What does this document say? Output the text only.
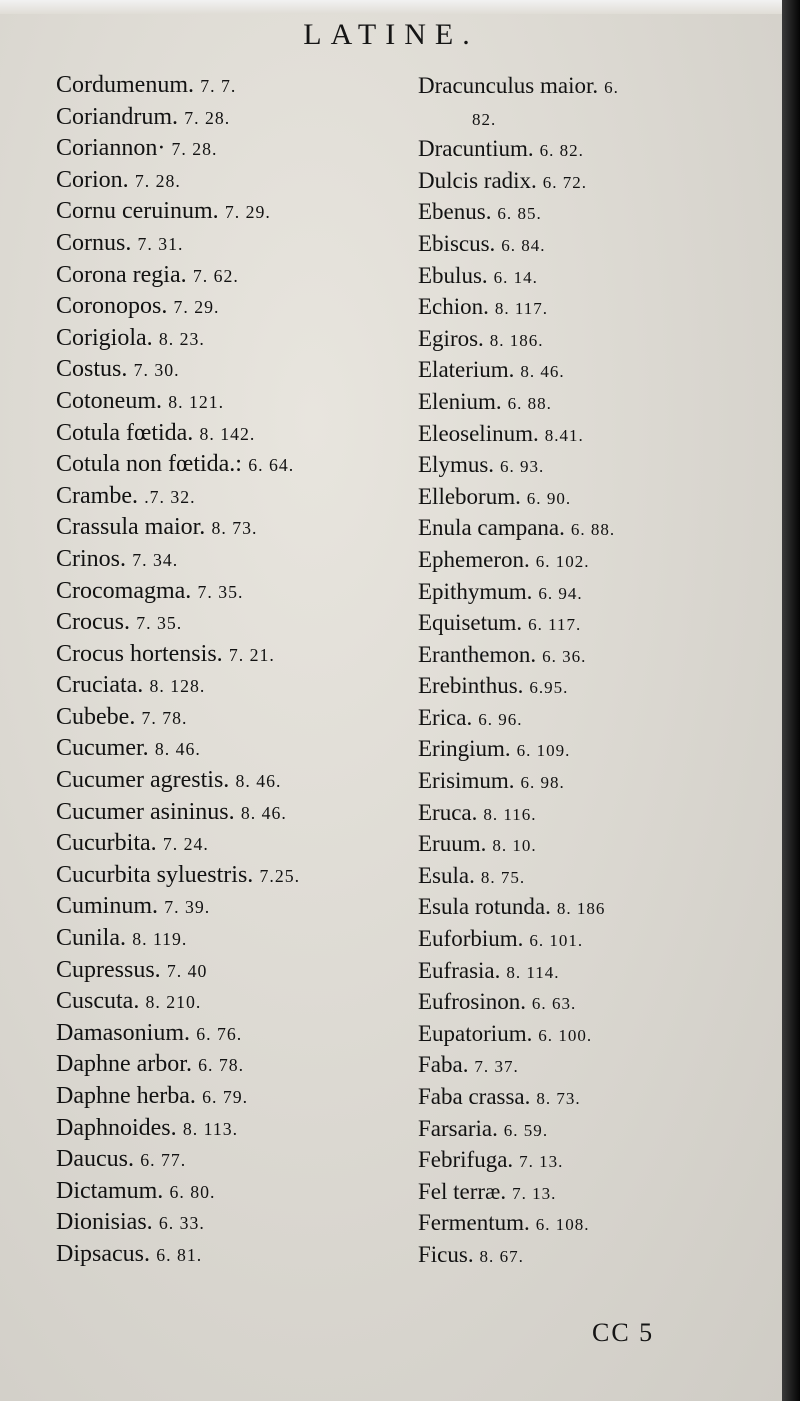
LATINE.
Cordumenum. 7. 7.
Coriandrum. 7. 28.
Coriannon· 7. 28.
Corion. 7. 28.
Cornu ceruinum. 7. 29.
Cornus. 7. 31.
Corona regia. 7. 62.
Coronopos. 7. 29.
Corigiola. 8. 23.
Costus. 7. 30.
Cotoneum. 8. 121.
Cotula fœtida. 8. 142.
Cotula non fœtida.: 6. 64.
Crambe. .7. 32.
Crassula maior. 8. 73.
Crinos. 7. 34.
Crocomagma. 7. 35.
Crocus. 7. 35.
Crocus hortensis. 7. 21.
Cruciata. 8. 128.
Cubebe. 7. 78.
Cucumer. 8. 46.
Cucumer agrestis. 8. 46.
Cucumer asininus. 8. 46.
Cucurbita. 7. 24.
Cucurbita syluestris. 7.25.
Cuminum. 7. 39.
Cunila. 8. 119.
Cupressus. 7. 40
Cuscuta. 8. 210.
Damasonium. 6. 76.
Daphne arbor. 6. 78.
Daphne herba. 6. 79.
Daphnoides. 8. 113.
Daucus. 6. 77.
Dictamum. 6. 80.
Dionisias. 6. 33.
Dipsacus. 6. 81.
Dracunculus maior. 6.
82.
Dracuntium. 6. 82.
Dulcis radix. 6. 72.
Ebenus. 6. 85.
Ebiscus. 6. 84.
Ebulus. 6. 14.
Echion. 8. 117.
Egiros. 8. 186.
Elaterium. 8. 46.
Elenium. 6. 88.
Eleoselinum. 8.41.
Elymus. 6. 93.
Elleborum. 6. 90.
Enula campana. 6. 88.
Ephemeron. 6. 102.
Epithymum. 6. 94.
Equisetum. 6. 117.
Eranthemon. 6. 36.
Erebinthus. 6.95.
Erica. 6. 96.
Eringium. 6. 109.
Erisimum. 6. 98.
Eruca. 8. 116.
Eruum. 8. 10.
Esula. 8. 75.
Esula rotunda. 8. 186
Euforbium. 6. 101.
Eufrasia. 8. 114.
Eufrosinon. 6. 63.
Eupatorium. 6. 100.
Faba. 7. 37.
Faba crassa. 8. 73.
Farsaria. 6. 59.
Febrifuga. 7. 13.
Fel terræ. 7. 13.
Fermentum. 6. 108.
Ficus. 8. 67.
CC 5
